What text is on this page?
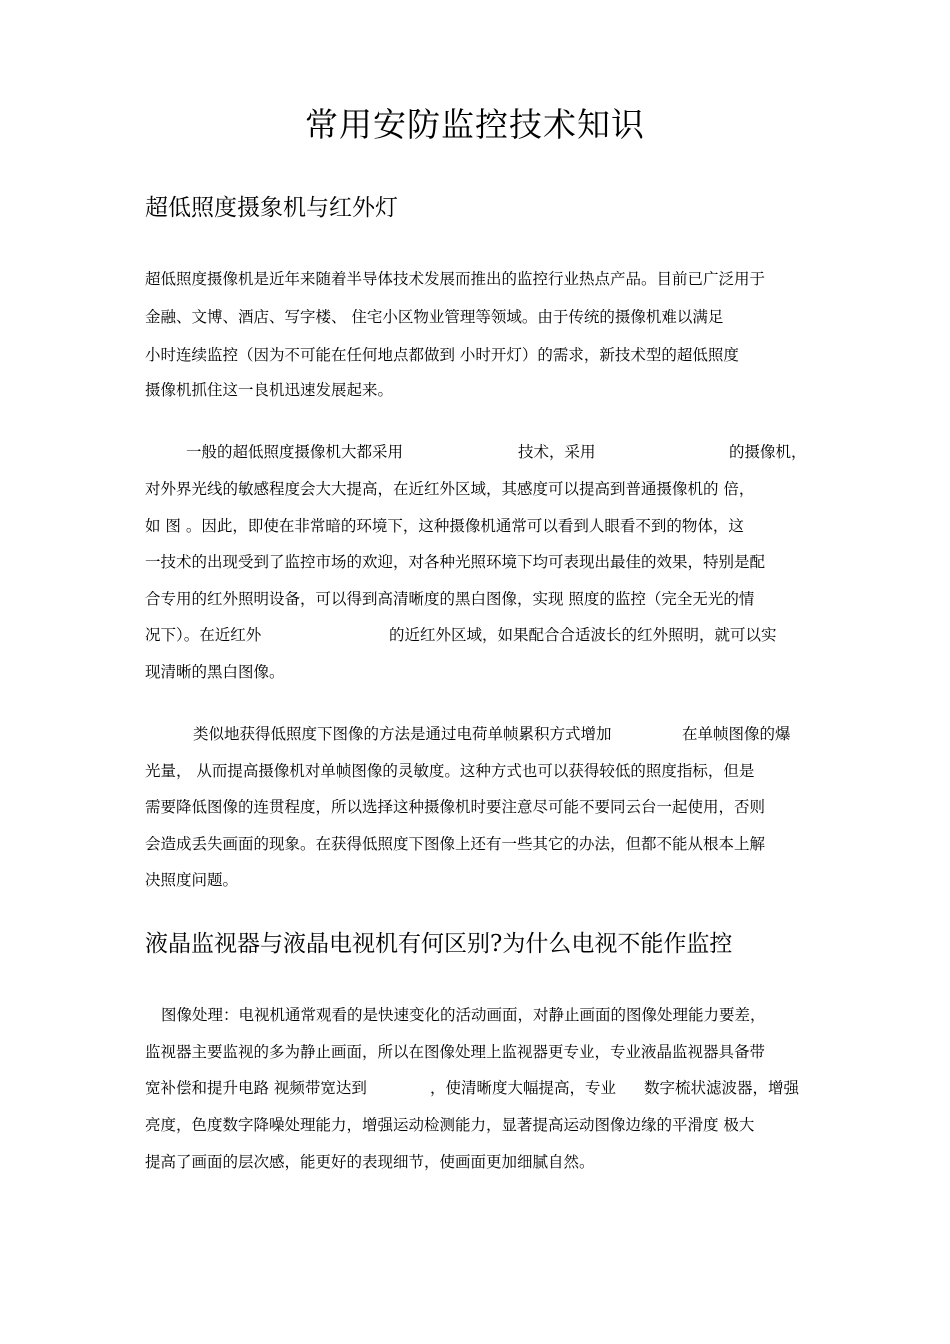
常用安防监控技术知识
超低照度摄象机与红外灯

超低照度摄像机是近年来随着半导体技术发展而推出的监控行业热点产品。目前已广泛用于

金融、文博、酒店、写字楼、 住宅小区物业管理等领域。由于传统的摄像机难以满足

小时连续监控（因为不可能在任何地点都做到 小时开灯）的需求，新技术型的超低照度

摄像机抓住这一良机迅速发展起来。

一般的超低照度摄像机大都采用	技术，采用	的摄像机，

对外界光线的敏感程度会大大提高，在近红外区域，其感度可以提高到普通摄像机的 倍，

如 图 。因此，即使在非常暗的环境下，这种摄像机通常可以看到人眼看不到的物体，这

一技术的出现受到了监控市场的欢迎，对各种光照环境下均可表现出最佳的效果，特别是配

合专用的红外照明设备，可以得到高清晰度的黑白图像，实现 照度的监控（完全无光的情

况下）。在近红外	的近红外区域，如果配合合适波长的红外照明，就可以实

现清晰的黑白图像。

类似地获得低照度下图像的方法是通过电荷单帧累积方式增加	在单帧图像的爆

光量， 从而提高摄像机对单帧图像的灵敏度。这种方式也可以获得较低的照度指标，但是

需要降低图像的连贯程度，所以选择这种摄像机时要注意尽可能不要同云台一起使用，否则

会造成丢失画面的现象。在获得低照度下图像上还有一些其它的办法，但都不能从根本上解

决照度问题。

液晶监视器与液晶电视机有何区别?为什么电视不能作监控

图像处理：电视机通常观看的是快速变化的活动画面，对静止画面的图像处理能力要差，

监视器主要监视的多为静止画面，所以在图像处理上监视器更专业，专业液晶监视器具备带

宽补偿和提升电路 视频带宽达到	，使清晰度大幅提高，专业 数字梳状滤波器，增强

亮度，色度数字降噪处理能力，增强运动检测能力，显著提高运动图像边缘的平滑度 极大

提高了画面的层次感，能更好的表现细节，使画面更加细腻自然。
